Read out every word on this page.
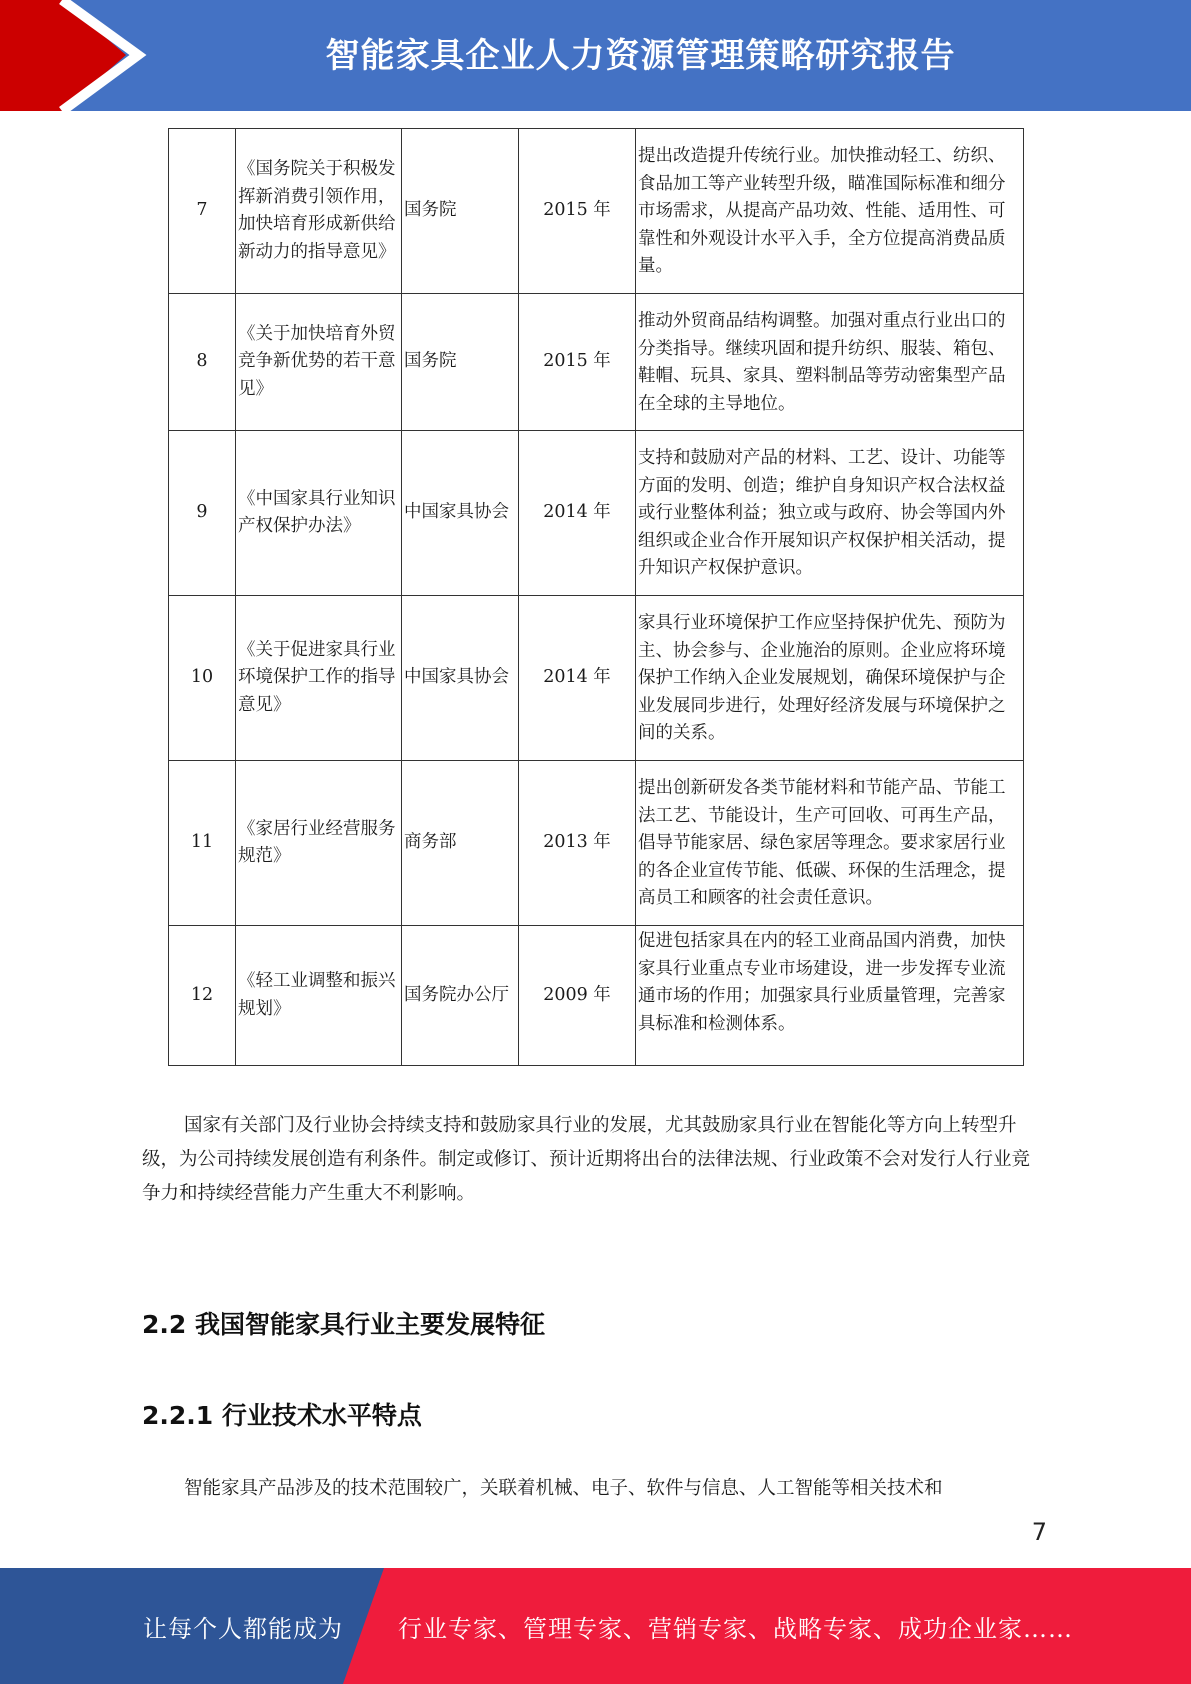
智能家具企业人力资源管理策略研究报告
7	《国务院关于积极发挥新消费引领作用，加快培育形成新供给新动力的指导意见》	国务院	2015 年	提出改造提升传统行业。加快推动轻工、纺织、食品加工等产业转型升级，瞄准国际标准和细分市场需求，从提高产品功效、性能、适用性、可靠性和外观设计水平入手，全方位提高消费品质量。
8	《关于加快培育外贸竞争新优势的若干意见》	国务院	2015 年	推动外贸商品结构调整。加强对重点行业出口的分类指导。继续巩固和提升纺织、服装、箱包、鞋帽、玩具、家具、塑料制品等劳动密集型产品在全球的主导地位。
9	《中国家具行业知识产权保护办法》	中国家具协会	2014 年	支持和鼓励对产品的材料、工艺、设计、功能等方面的发明、创造；维护自身知识产权合法权益或行业整体利益；独立或与政府、协会等国内外组织或企业合作开展知识产权保护相关活动，提升知识产权保护意识。
10	《关于促进家具行业环境保护工作的指导意见》	中国家具协会	2014 年	家具行业环境保护工作应坚持保护优先、预防为主、协会参与、企业施治的原则。企业应将环境保护工作纳入企业发展规划，确保环境保护与企业发展同步进行，处理好经济发展与环境保护之间的关系。
11	《家居行业经营服务规范》	商务部	2013 年	提出创新研发各类节能材料和节能产品、节能工法工艺、节能设计，生产可回收、可再生产品，倡导节能家居、绿色家居等理念。要求家居行业的各企业宣传节能、低碳、环保的生活理念，提高员工和顾客的社会责任意识。
12	《轻工业调整和振兴规划》	国务院办公厅	2009 年	促进包括家具在内的轻工业商品国内消费，加快家具行业重点专业市场建设，进一步发挥专业流通市场的作用；加强家具行业质量管理，完善家具标准和检测体系。

国家有关部门及行业协会持续支持和鼓励家具行业的发展，尤其鼓励家具行业在智能化等方向上转型升级，为公司持续发展创造有利条件。制定或修订、预计近期将出台的法律法规、行业政策不会对发行人行业竞争力和持续经营能力产生重大不利影响。

2.2 我国智能家具行业主要发展特征
2.2.1 行业技术水平特点

智能家具产品涉及的技术范围较广，关联着机械、电子、软件与信息、人工智能等相关技术和

7
让每个人都能成为 行业专家、管理专家、营销专家、战略专家、成功企业家……
